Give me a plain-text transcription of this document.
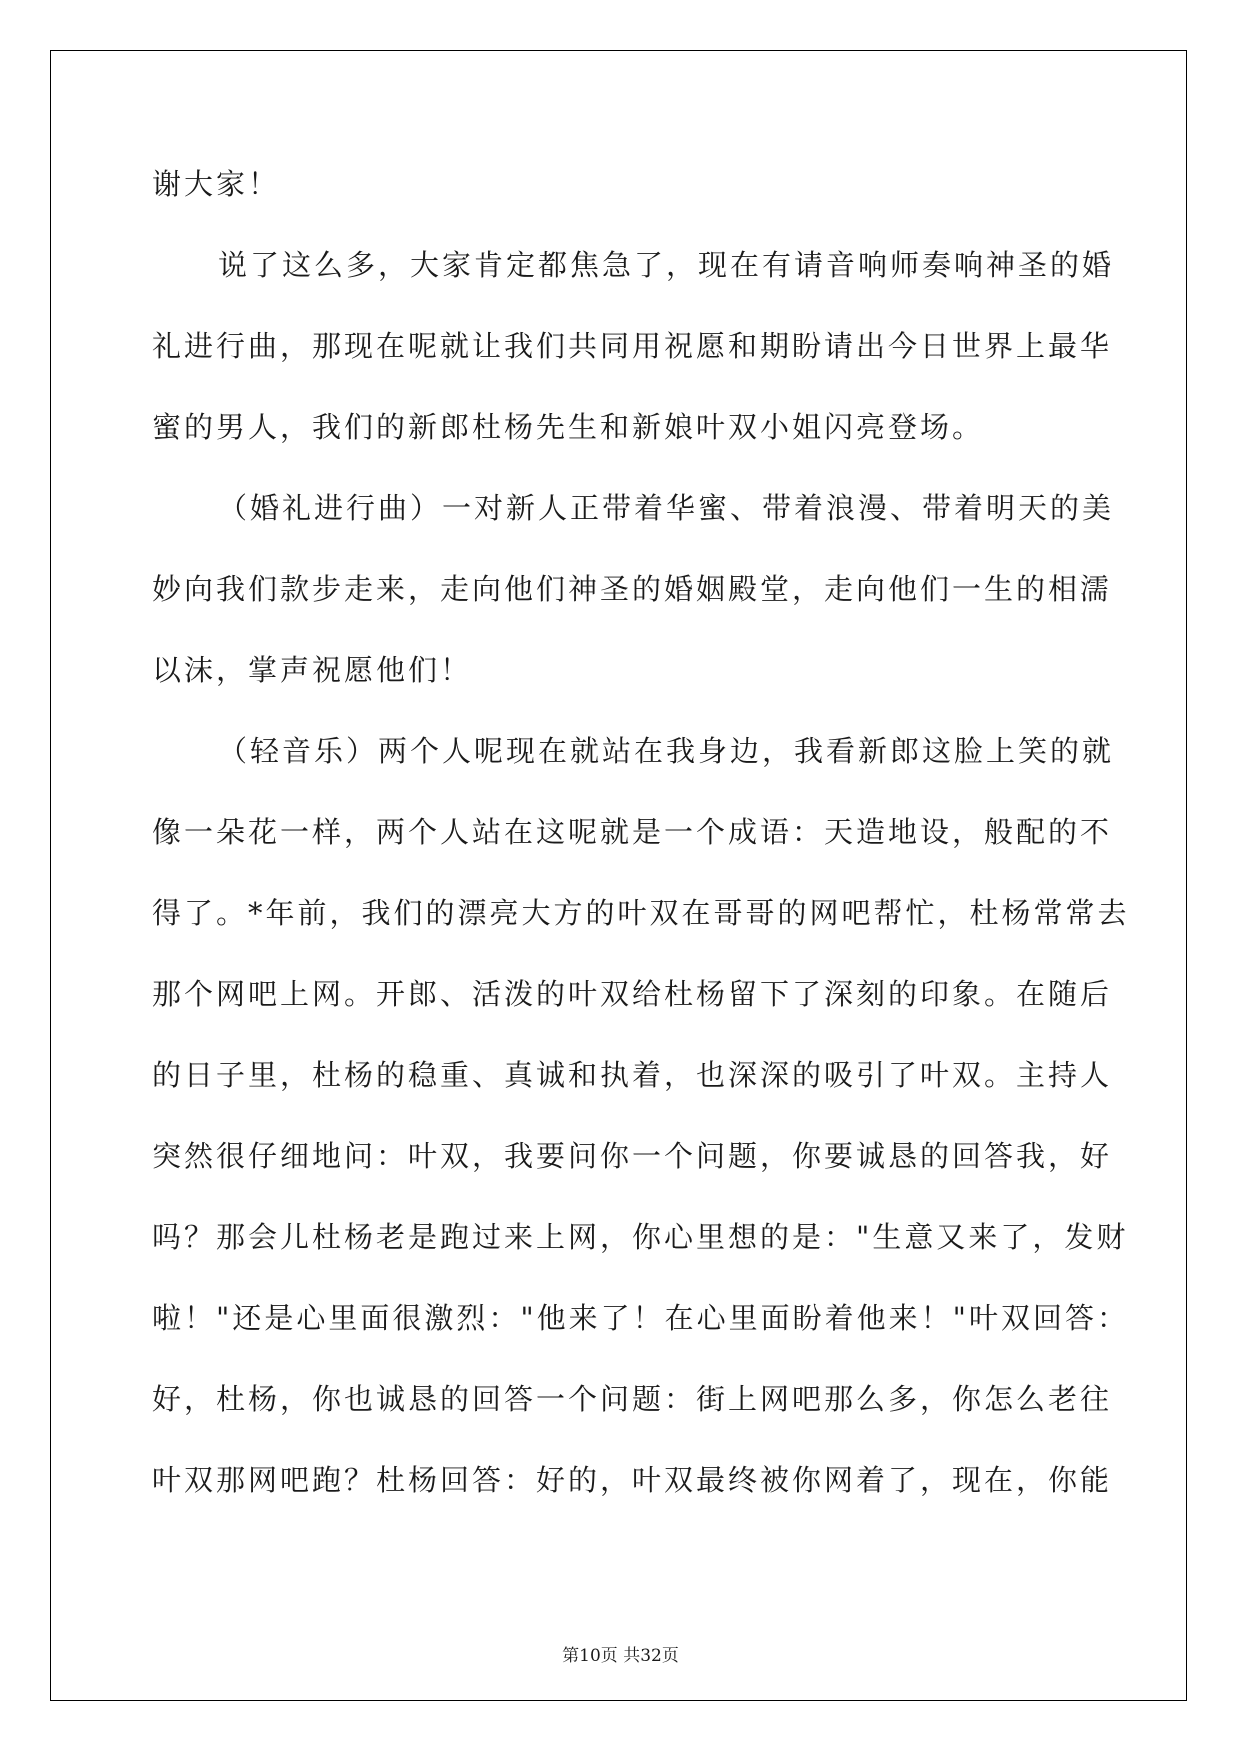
谢大家！
说了这么多，大家肯定都焦急了，现在有请音响师奏响神圣的婚
礼进行曲，那现在呢就让我们共同用祝愿和期盼请出今日世界上最华
蜜的男人，我们的新郎杜杨先生和新娘叶双小姐闪亮登场。
（婚礼进行曲）一对新人正带着华蜜、带着浪漫、带着明天的美
妙向我们款步走来，走向他们神圣的婚姻殿堂，走向他们一生的相濡
以沫，掌声祝愿他们！
（轻音乐）两个人呢现在就站在我身边，我看新郎这脸上笑的就
像一朵花一样，两个人站在这呢就是一个成语：天造地设，般配的不
得了。*年前，我们的漂亮大方的叶双在哥哥的网吧帮忙，杜杨常常去
那个网吧上网。开郎、活泼的叶双给杜杨留下了深刻的印象。在随后
的日子里，杜杨的稳重、真诚和执着，也深深的吸引了叶双。主持人
突然很仔细地问：叶双，我要问你一个问题，你要诚恳的回答我，好
吗？那会儿杜杨老是跑过来上网，你心里想的是："生意又来了，发财
啦！"还是心里面很激烈："他来了！在心里面盼着他来！"叶双回答：
好，杜杨，你也诚恳的回答一个问题：街上网吧那么多，你怎么老往
叶双那网吧跑？杜杨回答：好的，叶双最终被你网着了，现在，你能
第10页 共32页
